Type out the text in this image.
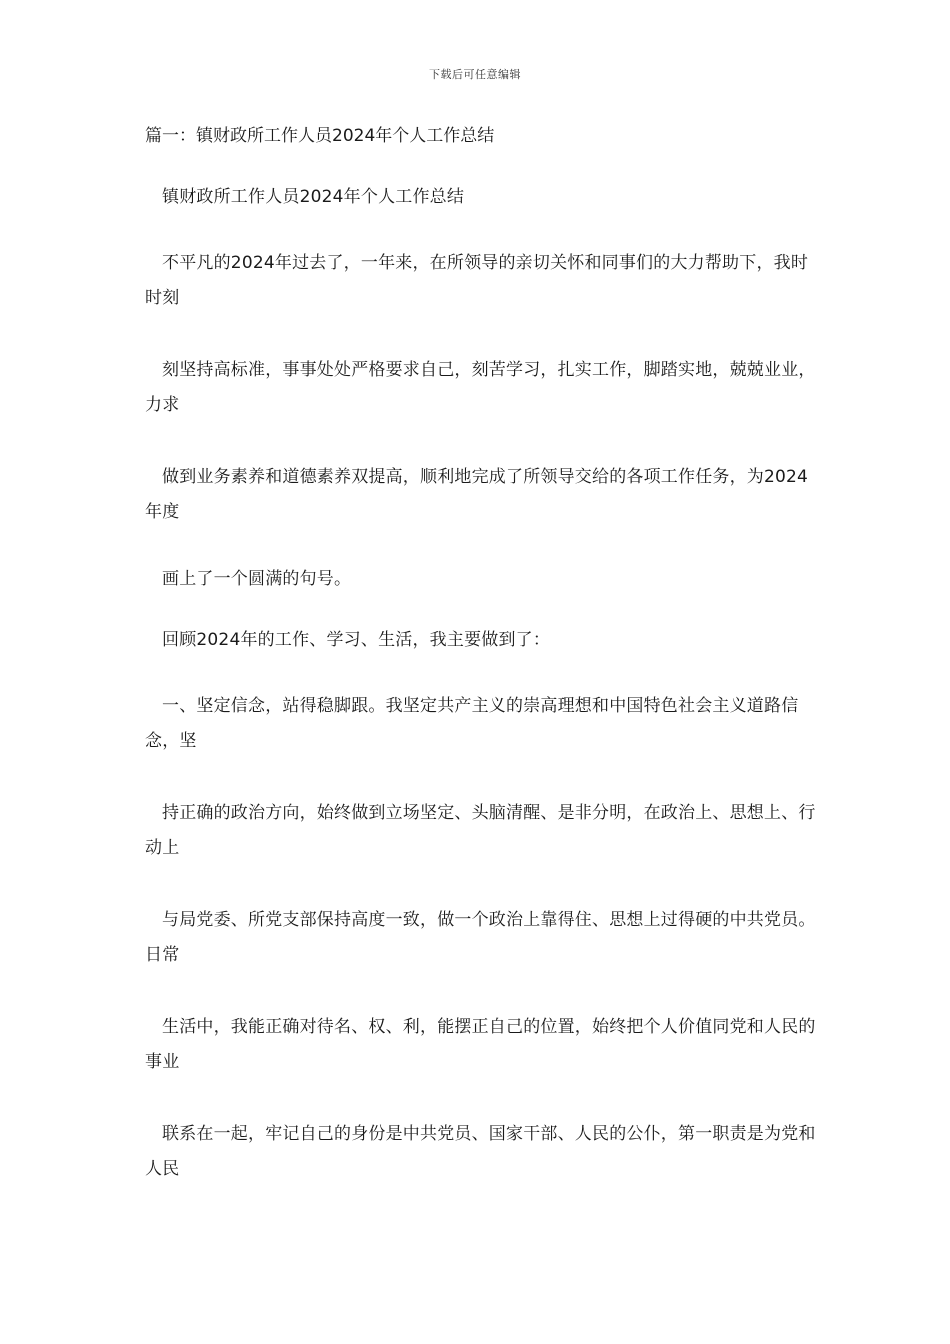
下载后可任意编辑
篇一：镇财政所工作人员2024年个人工作总结

镇财政所工作人员2024年个人工作总结

不平凡的2024年过去了，一年来，在所领导的亲切关怀和同事们的大力帮助下，我时时刻

刻坚持高标准，事事处处严格要求自己，刻苦学习，扎实工作，脚踏实地，兢兢业业，力求

做到业务素养和道德素养双提高，顺利地完成了所领导交给的各项工作任务，为2024年度

画上了一个圆满的句号。

回顾2024年的工作、学习、生活，我主要做到了：

一、坚定信念，站得稳脚跟。我坚定共产主义的崇高理想和中国特色社会主义道路信念，坚

持正确的政治方向，始终做到立场坚定、头脑清醒、是非分明，在政治上、思想上、行动上

与局党委、所党支部保持高度一致，做一个政治上靠得住、思想上过得硬的中共党员。日常

生活中，我能正确对待名、权、利，能摆正自己的位置，始终把个人价值同党和人民的事业

联系在一起，牢记自己的身份是中共党员、国家干部、人民的公仆，第一职责是为党和人民
